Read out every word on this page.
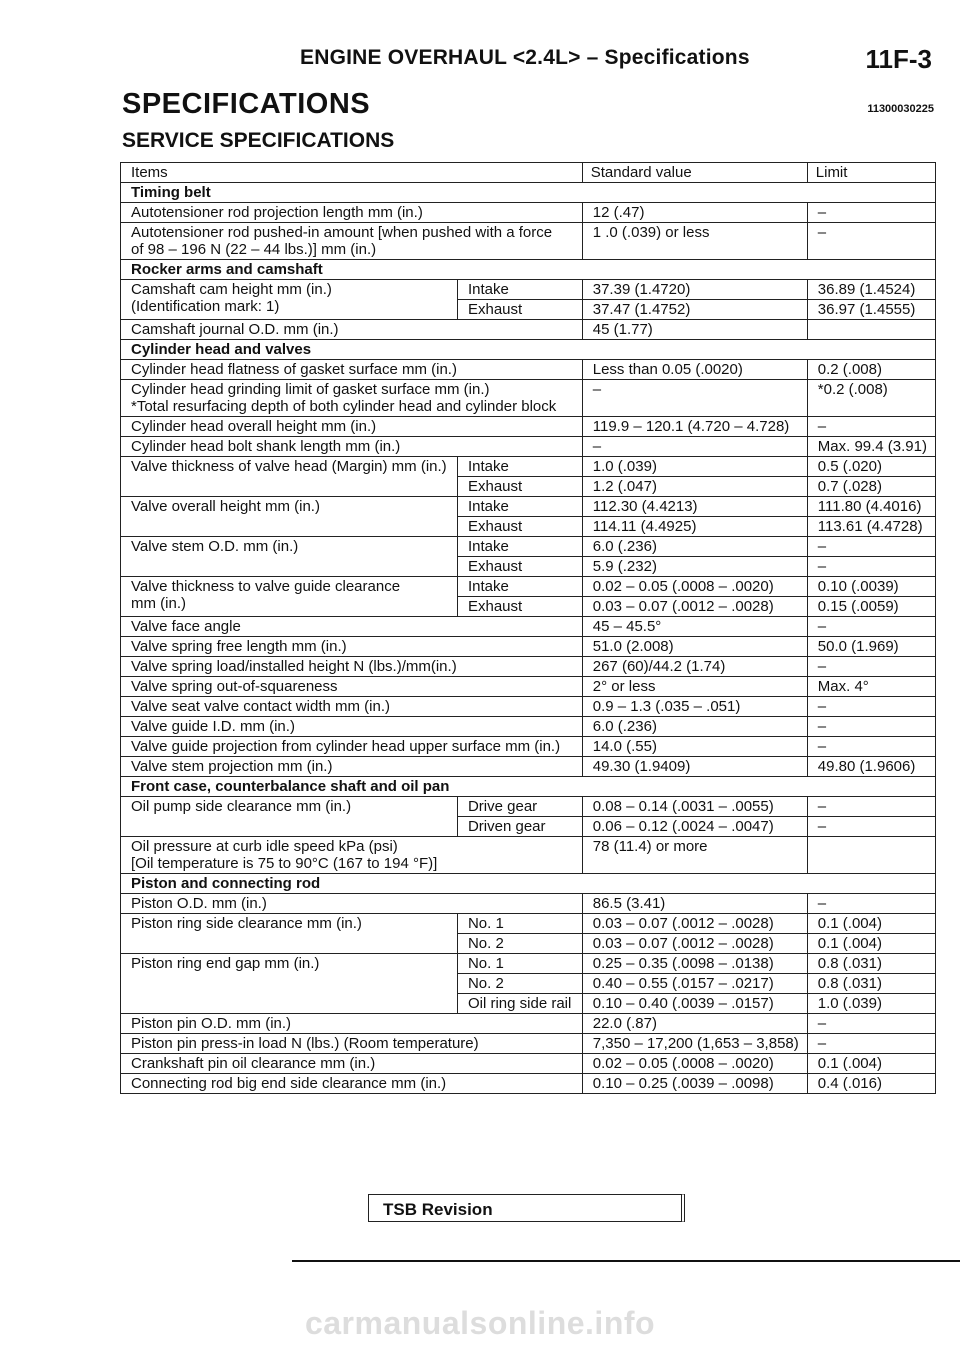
ENGINE OVERHAUL <2.4L> – Specifications	11F-3
SPECIFICATIONS	11300030225
SERVICE SPECIFICATIONS
Items		Standard value	Limit
Timing belt			
Autotensioner rod projection length mm (in.)		12 (.47)	–
Autotensioner rod pushed-in amount [when pushed with a force
of 98 – 196 N (22 – 44 lbs.)] mm (in.)		1 .0 (.039) or less	–
Rocker arms and camshaft			
Camshaft cam height mm (in.)
(Identification mark: 1)	Intake	37.39 (1.4720)	36.89 (1.4524)
	Exhaust	37.47 (1.4752)	36.97 (1.4555)
Camshaft journal O.D. mm (in.)		45 (1.77)	
Cylinder head and valves			
Cylinder head flatness of gasket surface mm (in.)		Less than 0.05 (.0020)	0.2 (.008)
Cylinder head grinding limit of gasket surface mm (in.)
*Total resurfacing depth of both cylinder head and cylinder block		–	*0.2 (.008)
Cylinder head overall height mm (in.)		119.9 – 120.1 (4.720 – 4.728)	–
Cylinder head bolt shank length mm (in.)		–	Max. 99.4 (3.91)
Valve thickness of valve head (Margin) mm (in.)	Intake	1.0 (.039)	0.5 (.020)
	Exhaust	1.2 (.047)	0.7 (.028)
Valve overall height mm (in.)	Intake	112.30 (4.4213)	111.80 (4.4016)
	Exhaust	114.11 (4.4925)	113.61 (4.4728)
Valve stem O.D. mm (in.)	Intake	6.0 (.236)	–
	Exhaust	5.9 (.232)	–
Valve thickness to valve guide clearance
mm (in.)	Intake	0.02 – 0.05 (.0008 – .0020)	0.10 (.0039)
	Exhaust	0.03 – 0.07 (.0012 – .0028)	0.15 (.0059)
Valve face angle		45 – 45.5°	–
Valve spring free length mm (in.)		51.0 (2.008)	50.0 (1.969)
Valve spring load/installed height N (lbs.)/mm(in.)		267 (60)/44.2 (1.74)	–
Valve spring out-of-squareness		2° or less	Max. 4°
Valve seat valve contact width mm (in.)		0.9 – 1.3 (.035 – .051)	–
Valve guide I.D. mm (in.)		6.0 (.236)	–
Valve guide projection from cylinder head upper surface mm (in.)		14.0 (.55)	–
Valve stem projection mm (in.)		49.30 (1.9409)	49.80 (1.9606)
Front case, counterbalance shaft and oil pan			
Oil pump side clearance mm (in.)	Drive gear	0.08 – 0.14 (.0031 – .0055)	–
	Driven gear	0.06 – 0.12 (.0024 – .0047)	–
Oil pressure at curb idle speed kPa (psi)
[Oil temperature is 75 to 90°C (167 to 194 °F)]		78 (11.4) or more	
Piston and connecting rod			
Piston O.D. mm (in.)		86.5 (3.41)	–
Piston ring side clearance mm (in.)	No. 1	0.03 – 0.07 (.0012 – .0028)	0.1 (.004)
	No. 2	0.03 – 0.07 (.0012 – .0028)	0.1 (.004)
Piston ring end gap mm (in.)	No. 1	0.25 – 0.35 (.0098 – .0138)	0.8 (.031)
	No. 2	0.40 – 0.55 (.0157 – .0217)	0.8 (.031)
	Oil ring side rail	0.10 – 0.40 (.0039 – .0157)	1.0 (.039)
Piston pin O.D. mm (in.)		22.0 (.87)	–
Piston pin press-in load N (lbs.) (Room temperature)		7,350 – 17,200 (1,653 – 3,858)	–
Crankshaft pin oil clearance mm (in.)		0.02 – 0.05 (.0008 – .0020)	0.1 (.004)
Connecting rod big end side clearance mm (in.)		0.10 – 0.25 (.0039 – .0098)	0.4 (.016)
TSB Revision
carmanualsonline.info
